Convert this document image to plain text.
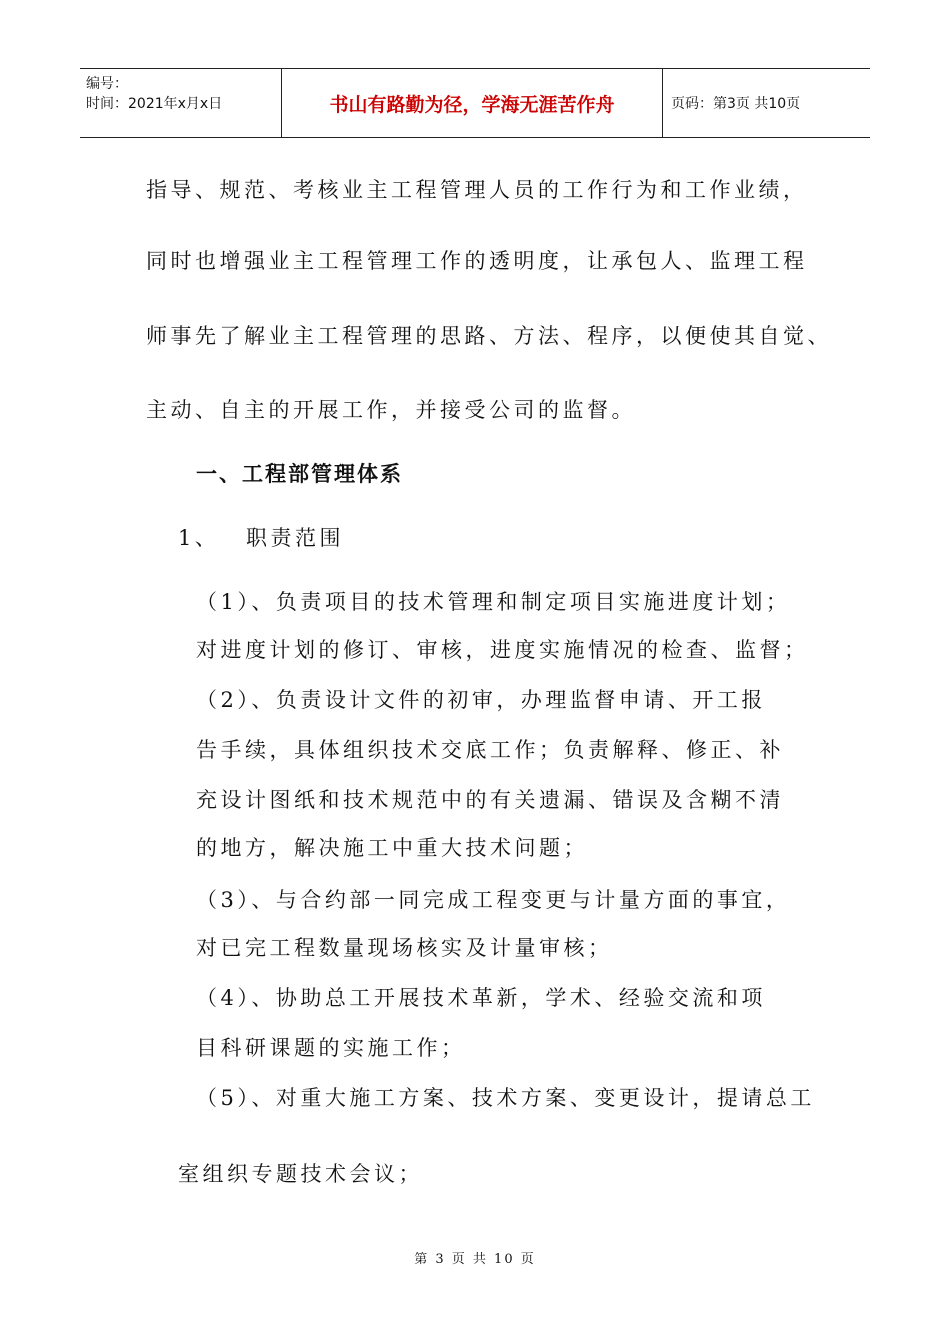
编号：
时间：2021年x月x日	书山有路勤为径，学海无涯苦作舟	页码：第3页 共10页
指导、规范、考核业主工程管理人员的工作行为和工作业绩，
同时也增强业主工程管理工作的透明度，让承包人、监理工程
师事先了解业主工程管理的思路、方法、程序，以便使其自觉、
主动、自主的开展工作，并接受公司的监督。
一、工程部管理体系
1、 职责范围
（1）、负责项目的技术管理和制定项目实施进度计划；
对进度计划的修订、审核，进度实施情况的检查、监督；
（2）、负责设计文件的初审，办理监督申请、开工报
告手续，具体组织技术交底工作；负责解释、修正、补
充设计图纸和技术规范中的有关遗漏、错误及含糊不清
的地方，解决施工中重大技术问题；
（3）、与合约部一同完成工程变更与计量方面的事宜，
对已完工程数量现场核实及计量审核；
（4）、协助总工开展技术革新，学术、经验交流和项
目科研课题的实施工作；
（5）、对重大施工方案、技术方案、变更设计，提请总工
室组织专题技术会议；
第 3 页 共 10 页
